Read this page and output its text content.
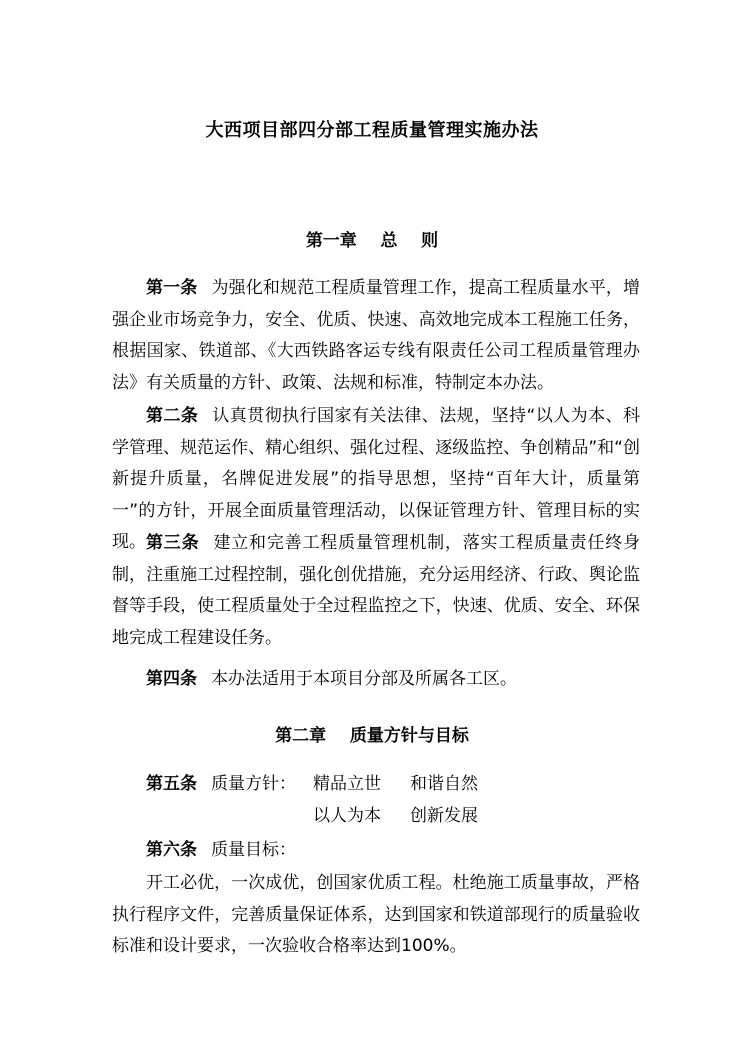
大西项目部四分部工程质量管理实施办法
第一章    总    则
第一条 为强化和规范工程质量管理工作，提高工程质量水平，增强企业市场竞争力，安全、优质、快速、高效地完成本工程施工任务，根据国家、铁道部、《大西铁路客运专线有限责任公司工程质量管理办法》有关质量的方针、政策、法规和标准，特制定本办法。
第二条 认真贯彻执行国家有关法律、法规，坚持“以人为本、科学管理、规范运作、精心组织、强化过程、逐级监控、争创精品”和“创新提升质量，名牌促进发展”的指导思想，坚持“百年大计，质量第一”的方针，开展全面质量管理活动，以保证管理方针、管理目标的实现。 第三条 建立和完善工程质量管理机制，落实工程质量责任终身制，注重施工过程控制，强化创优措施，充分运用经济、行政、舆论监督等手段，使工程质量处于全过程监控之下，快速、优质、安全、环保地完成工程建设任务。
第四条 本办法适用于本项目分部及所属各工区。
第二章    质量方针与目标
第五条 质量方针： 精品立世 和谐自然
以人为本 创新发展
第六条 质量目标：
开工必优，一次成优，创国家优质工程。杜绝施工质量事故，严格执行程序文件，完善质量保证体系，达到国家和铁道部现行的质量验收标准和设计要求，一次验收合格率达到100%。
